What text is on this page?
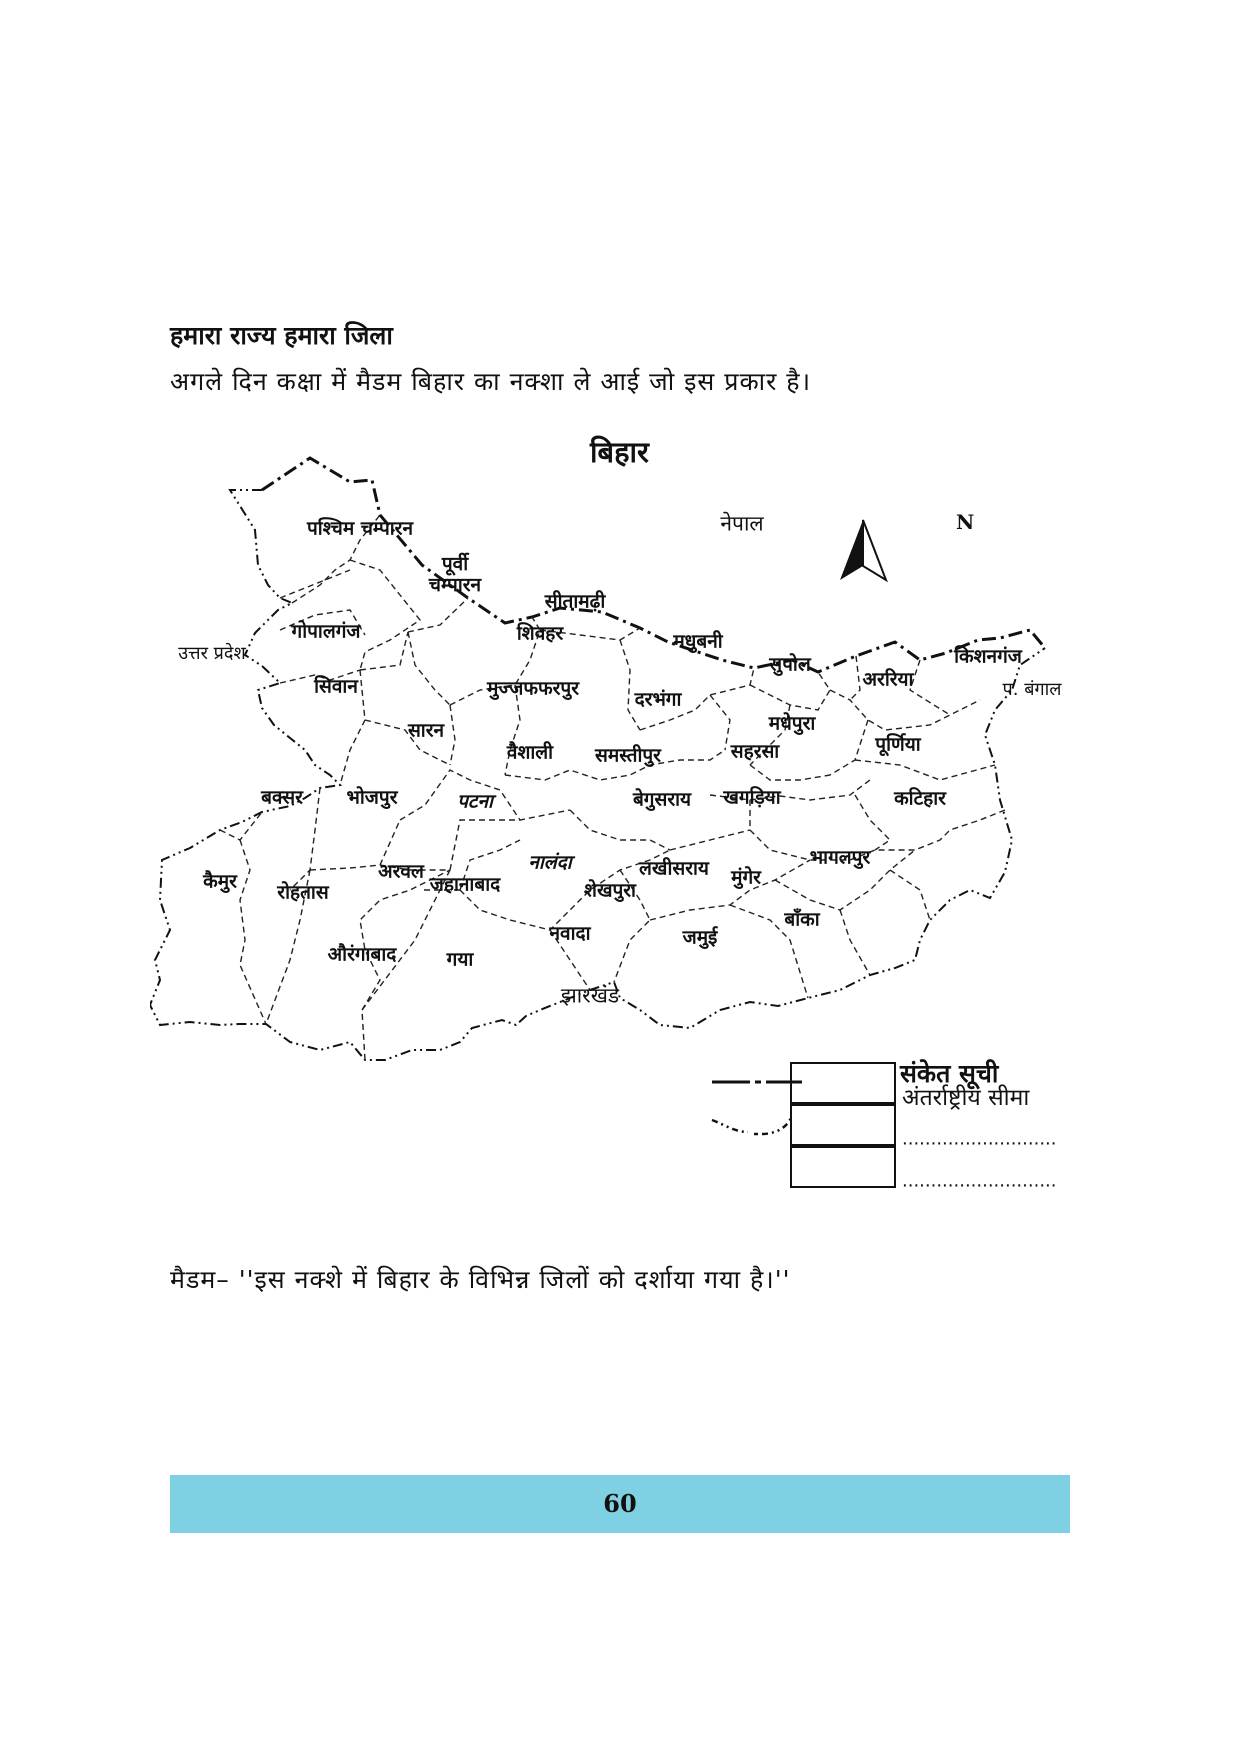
हमारा राज्य हमारा जिला

अगले दिन कक्षा में मैडम बिहार का नक्शा ले आई जो इस प्रकार है।

बिहार
N
नेपाल
उत्तर प्रदेश
प. बंगाल
झारखंड
पश्चिम चम्पारन
पूर्वी चम्पारन
सीतामढ़ी
शिवहर	मधुबनी
सुपोल
अररिया
किशनगंज
गोपालगंज
सिवान	मुज्जफफरपुर	दरभंगा
मधेपुरा
पूर्णिया
सारन
वैशाली समस्तीपुर	सहरसा
बक्सर भोजपुर	पटना	बेगुसराय खगड़िया	कटिहार
भागलपुर
कैमुर रोहतास
अरवल
जहानाबाद
नालंदा	लखीसराय
शेखपुरा
मुंगेर
बाँका
नवादा	जमुई
औरंगाबाद	गया
संकेत सूची
अंतर्राष्ट्रीय सीमा
...........................
...........................

मैडम– ''इस नक्शे में बिहार के विभिन्न जिलों को दर्शाया गया है।''

60
